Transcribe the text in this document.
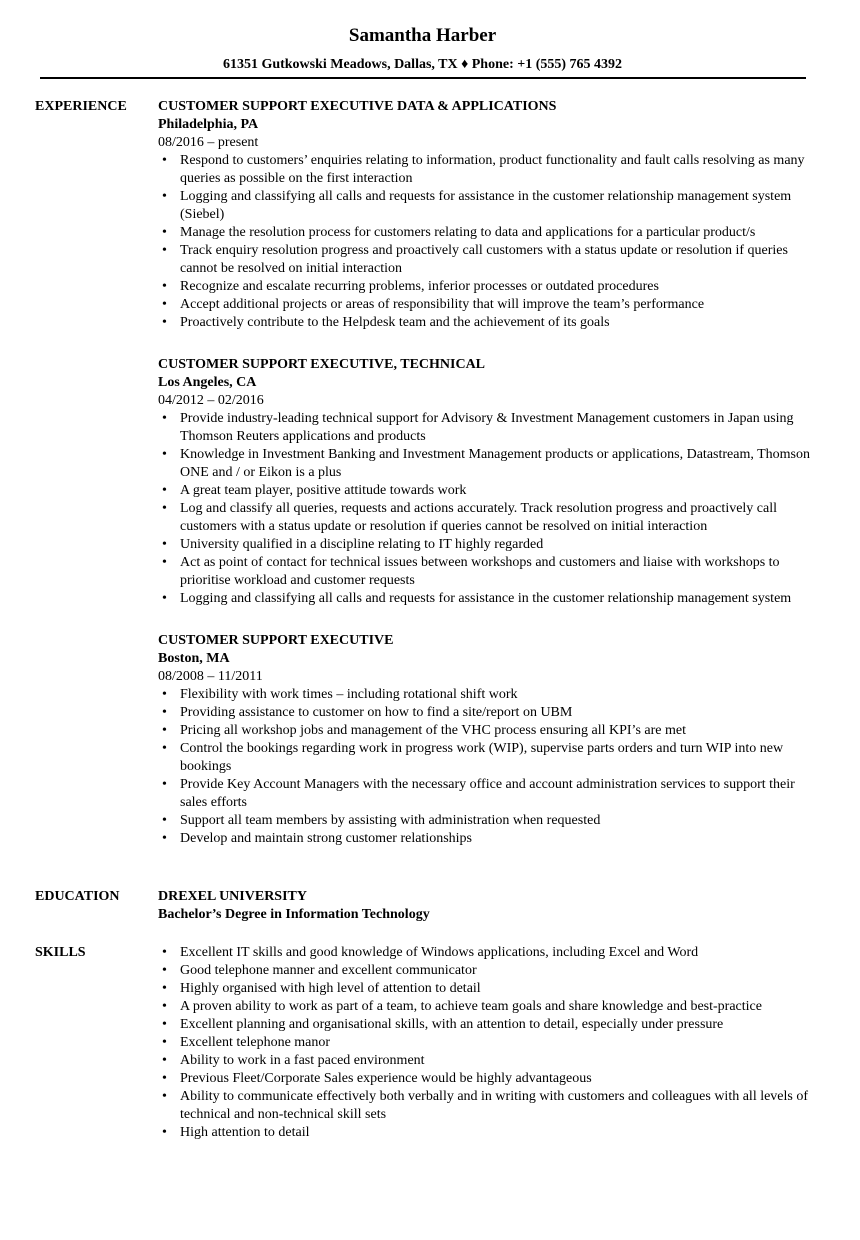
Samantha Harber
61351 Gutkowski Meadows, Dallas, TX ♦ Phone: +1 (555) 765 4392
EXPERIENCE	CUSTOMER SUPPORT EXECUTIVE DATA & APPLICATIONS
Philadelphia, PA
08/2016 – present
• Respond to customers’ enquiries relating to information, product functionality and fault calls resolving as many queries as possible on the first interaction
• Logging and classifying all calls and requests for assistance in the customer relationship management system (Siebel)
• Manage the resolution process for customers relating to data and applications for a particular product/s
• Track enquiry resolution progress and proactively call customers with a status update or resolution if queries cannot be resolved on initial interaction
• Recognize and escalate recurring problems, inferior processes or outdated procedures
• Accept additional projects or areas of responsibility that will improve the team’s performance
• Proactively contribute to the Helpdesk team and the achievement of its goals
CUSTOMER SUPPORT EXECUTIVE, TECHNICAL
Los Angeles, CA
04/2012 – 02/2016
• Provide industry-leading technical support for Advisory & Investment Management customers in Japan using Thomson Reuters applications and products
• Knowledge in Investment Banking and Investment Management products or applications, Datastream, Thomson ONE and / or Eikon is a plus
• A great team player, positive attitude towards work
• Log and classify all queries, requests and actions accurately. Track resolution progress and proactively call customers with a status update or resolution if queries cannot be resolved on initial interaction
• University qualified in a discipline relating to IT highly regarded
• Act as point of contact for technical issues between workshops and customers and liaise with workshops to prioritise workload and customer requests
• Logging and classifying all calls and requests for assistance in the customer relationship management system
CUSTOMER SUPPORT EXECUTIVE
Boston, MA
08/2008 – 11/2011
• Flexibility with work times – including rotational shift work
• Providing assistance to customer on how to find a site/report on UBM
• Pricing all workshop jobs and management of the VHC process ensuring all KPI’s are met
• Control the bookings regarding work in progress work (WIP), supervise parts orders and turn WIP into new bookings
• Provide Key Account Managers with the necessary office and account administration services to support their sales efforts
• Support all team members by assisting with administration when requested
• Develop and maintain strong customer relationships
EDUCATION	DREXEL UNIVERSITY
Bachelor’s Degree in Information Technology
SKILLS
•	Excellent IT skills and good knowledge of Windows applications, including Excel and Word
• Good telephone manner and excellent communicator
• Highly organised with high level of attention to detail
• A proven ability to work as part of a team, to achieve team goals and share knowledge and best-practice
• Excellent planning and organisational skills, with an attention to detail, especially under pressure
• Excellent telephone manor
• Ability to work in a fast paced environment
• Previous Fleet/Corporate Sales experience would be highly advantageous
• Ability to communicate effectively both verbally and in writing with customers and colleagues with all levels of technical and non-technical skill sets
• High attention to detail
